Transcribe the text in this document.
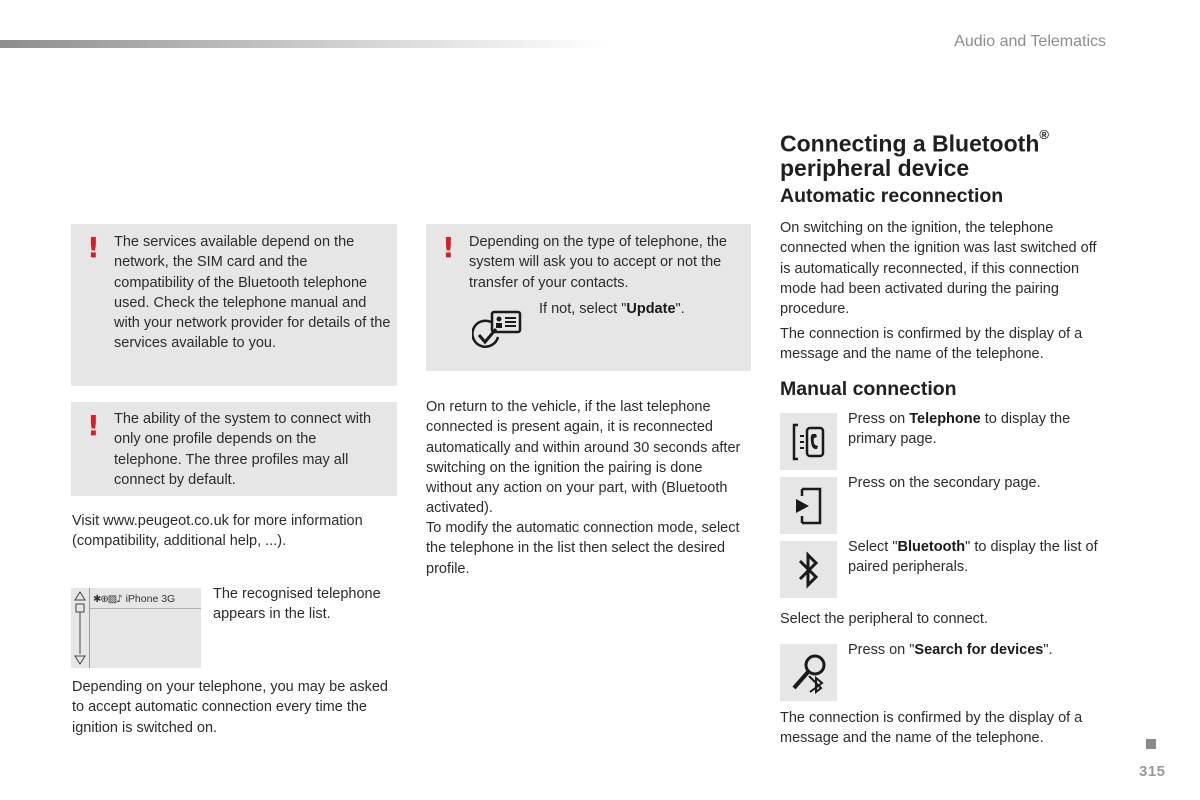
Audio and Telematics
! The services available depend on the network, the SIM card and the compatibility of the Bluetooth telephone used. Check the telephone manual and with your network provider for details of the services available to you.
! The ability of the system to connect with only one profile depends on the telephone. The three profiles may all connect by default.
Visit www.peugeot.co.uk for more information (compatibility, additional help, ...).
✱⊕▨♪ iPhone 3G	The recognised telephone appears in the list.
Depending on your telephone, you may be asked to accept automatic connection every time the ignition is switched on.
! Depending on the type of telephone, the system will ask you to accept or not the transfer of your contacts.
If not, select "Update".
On return to the vehicle, if the last telephone connected is present again, it is reconnected automatically and within around 30 seconds after switching on the ignition the pairing is done without any action on your part, with (Bluetooth activated).
To modify the automatic connection mode, select the telephone in the list then select the desired profile.
Connecting a Bluetooth®
peripheral device
Automatic reconnection
On switching on the ignition, the telephone connected when the ignition was last switched off is automatically reconnected, if this connection mode had been activated during the pairing procedure.
The connection is confirmed by the display of a message and the name of the telephone.
Manual connection
Press on Telephone to display the primary page.
Press on the secondary page.
Select "Bluetooth" to display the list of paired peripherals.
Select the peripheral to connect.
Press on "Search for devices".
The connection is confirmed by the display of a message and the name of the telephone.
315
